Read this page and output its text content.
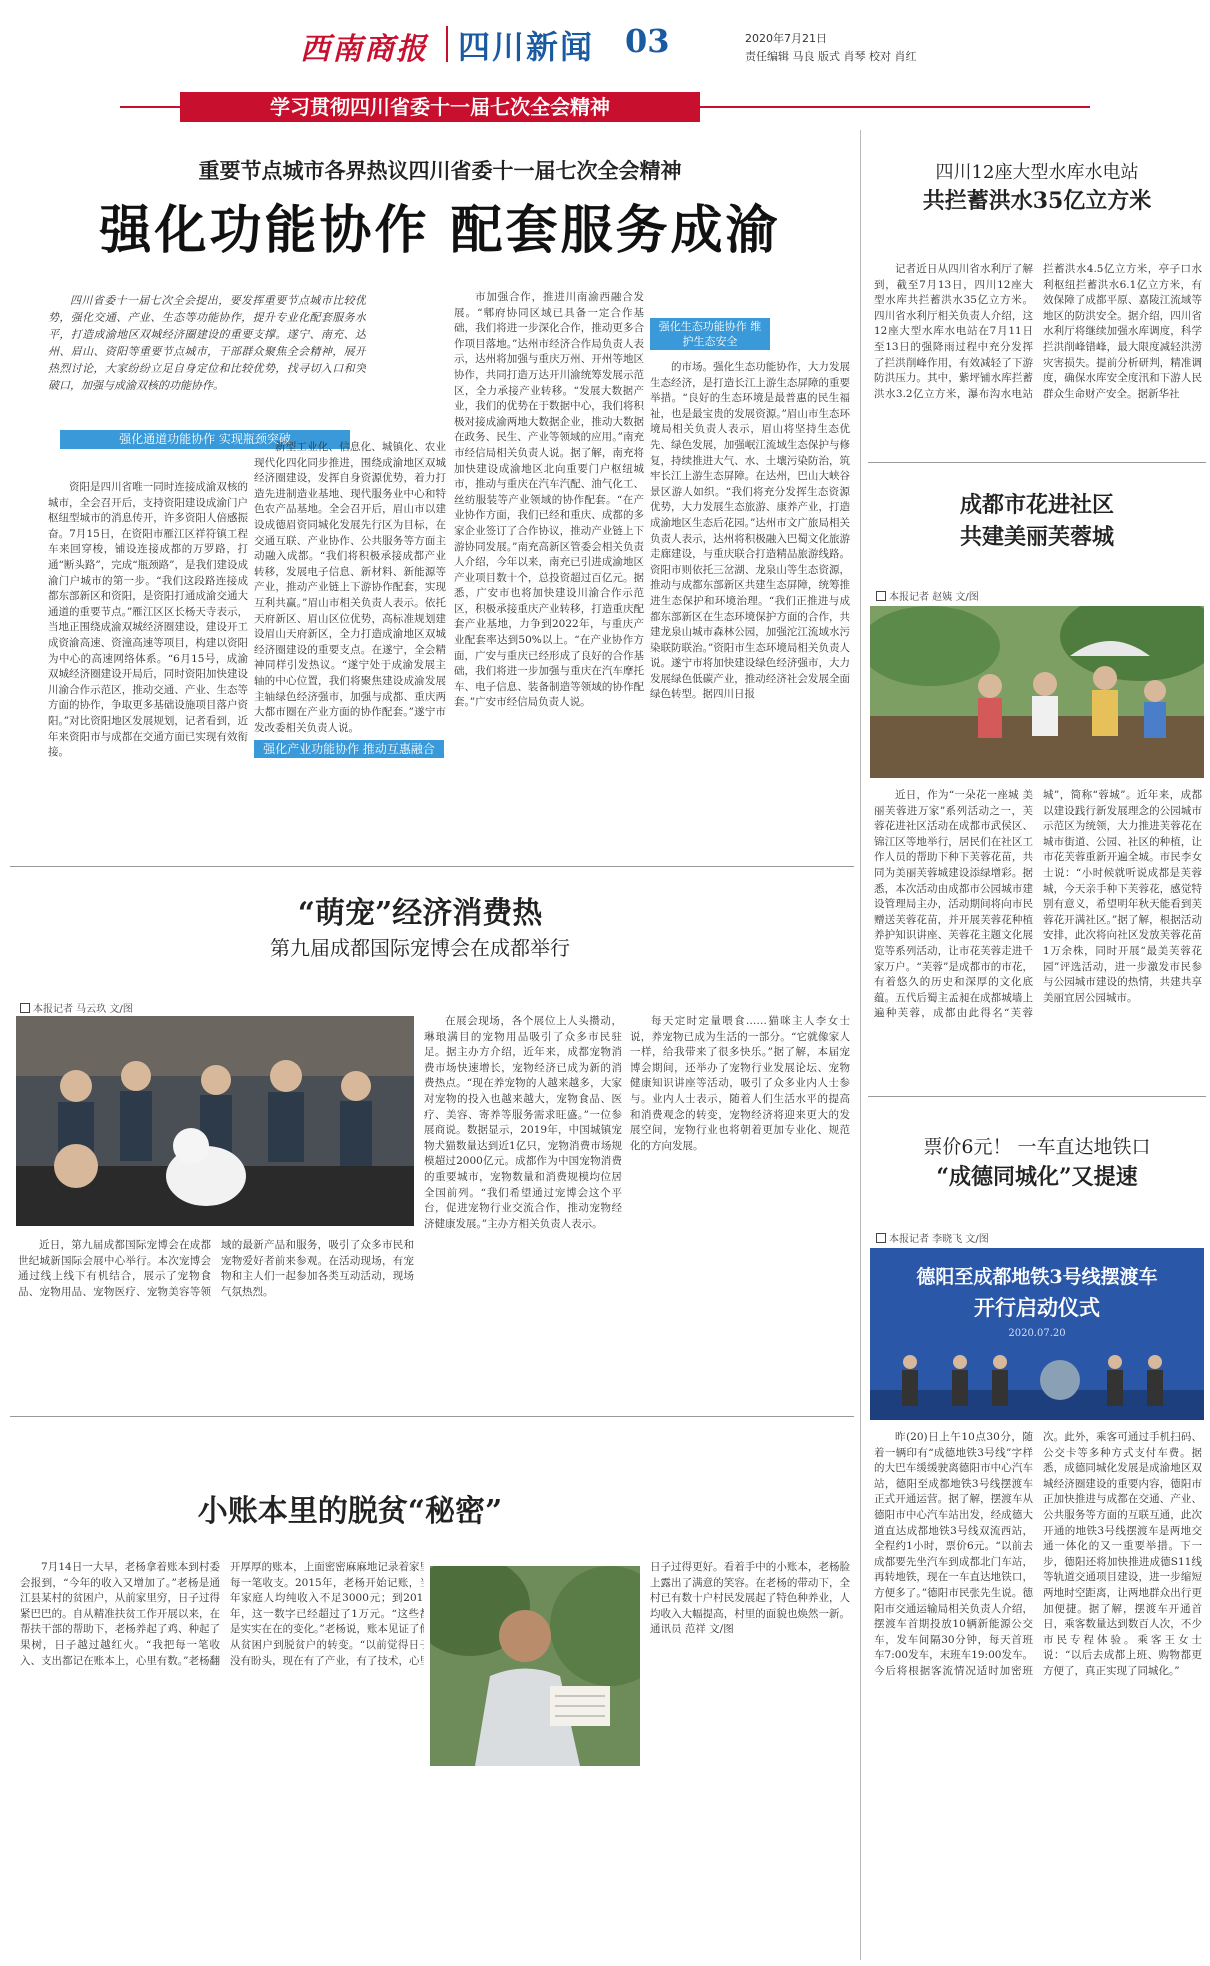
西南商报 四川新闻 03	2020年7月21日
责任编辑 马良 版式 肖琴 校对 肖红
学习贯彻四川省委十一届七次全会精神
重要节点城市各界热议四川省委十一届七次全会精神
强化功能协作 配套服务成渝
四川省委十一届七次全会提出，要发挥重要节点城市比较优势，强化交通、产业、生态等功能协作，提升专业化配套服务水平，打造成渝地区双城经济圈建设的重要支撑。遂宁、南充、达州、眉山、资阳等重要节点城市，干部群众聚焦全会精神，展开热烈讨论，大家纷纷立足自身定位和比较优势，找寻切入口和突破口，加强与成渝双核的功能协作。
强化通道功能协作 实现瓶颈突破
资阳是四川省唯一同时连接成渝双核的城市，全会召开后，支持资阳建设成渝门户枢纽型城市的消息传开，许多资阳人倍感振奋。7月15日，在资阳市雁江区祥符镇工程车来回穿梭，铺设连接成都的万罗路，打通“断头路”，完成“瓶颈路”，是我们建设成渝门户城市的第一步。“我们这段路连接成都东部新区和资阳，是资阳打通成渝交通大通道的重要节点。”雁江区区长杨天寺表示，当地正围绕成渝双城经济圈建设，建设开工成资渝高速、资潼高速等项目，构建以资阳为中心的高速网络体系。“6月15号，成渝双城经济圈建设开局后，同时资阳加快建设川渝合作示范区，推动交通、产业、生态等方面的协作，争取更多基础设施项目落户资阳。”对比资阳地区发展规划，记者看到，近年来资阳市与成都在交通方面已实现有效衔接。
新型工业化、信息化、城镇化、农业现代化四化同步推进，围绕成渝地区双城经济圈建设，发挥自身资源优势，着力打造先进制造业基地、现代服务业中心和特色农产品基地。全会召开后，眉山市以建设成德眉资同城化发展先行区为目标，在交通互联、产业协作、公共服务等方面主动融入成都。“我们将积极承接成都产业转移，发展电子信息、新材料、新能源等产业，推动产业链上下游协作配套，实现互利共赢。”眉山市相关负责人表示。依托天府新区、眉山区位优势，高标准规划建设眉山天府新区，全力打造成渝地区双城经济圈建设的重要支点。在遂宁，全会精神同样引发热议。“遂宁处于成渝发展主轴的中心位置，我们将聚焦建设成渝发展主轴绿色经济强市，加强与成都、重庆两大都市圈在产业方面的协作配套。”遂宁市发改委相关负责人说。
强化产业功能协作 推动互惠融合
市加强合作，推进川南渝西融合发展。“郫府协同区域已具备一定合作基础，我们将进一步深化合作，推动更多合作项目落地。”达州市经济合作局负责人表示，达州将加强与重庆万州、开州等地区协作，共同打造万达开川渝统筹发展示范区，全力承接产业转移。“发展大数据产业，我们的优势在于数据中心，我们将积极对接成渝两地大数据企业，推动大数据在政务、民生、产业等领域的应用。”南充市经信局相关负责人说。据了解，南充将加快建设成渝地区北向重要门户枢纽城市，推动与重庆在汽车汽配、油气化工、丝纺服装等产业领域的协作配套。“在产业协作方面，我们已经和重庆、成都的多家企业签订了合作协议，推动产业链上下游协同发展。”南充高新区管委会相关负责人介绍，今年以来，南充已引进成渝地区产业项目数十个，总投资超过百亿元。据悉，广安市也将加快建设川渝合作示范区，积极承接重庆产业转移，打造重庆配套产业基地，力争到2022年，与重庆产业配套率达到50%以上。“在产业协作方面，广安与重庆已经形成了良好的合作基础，我们将进一步加强与重庆在汽车摩托车、电子信息、装备制造等领域的协作配套。”广安市经信局负责人说。
强化生态功能协作 维护生态安全
的市场。强化生态功能协作，大力发展生态经济，是打造长江上游生态屏障的重要举措。“良好的生态环境是最普惠的民生福祉，也是最宝贵的发展资源。”眉山市生态环境局相关负责人表示，眉山将坚持生态优先、绿色发展，加强岷江流域生态保护与修复，持续推进大气、水、土壤污染防治，筑牢长江上游生态屏障。在达州，巴山大峡谷景区游人如织。“我们将充分发挥生态资源优势，大力发展生态旅游、康养产业，打造成渝地区生态后花园。”达州市文广旅局相关负责人表示，达州将积极融入巴蜀文化旅游走廊建设，与重庆联合打造精品旅游线路。资阳市则依托三岔湖、龙泉山等生态资源，推动与成都东部新区共建生态屏障，统筹推进生态保护和环境治理。“我们正推进与成都东部新区在生态环境保护方面的合作，共建龙泉山城市森林公园，加强沱江流域水污染联防联治。”资阳市生态环境局相关负责人说。遂宁市将加快建设绿色经济强市，大力发展绿色低碳产业，推动经济社会发展全面绿色转型。据四川日报
四川12座大型水库水电站
共拦蓄洪水35亿立方米
记者近日从四川省水利厅了解到，截至7月13日，四川12座大型水库共拦蓄洪水35亿立方米。四川省水利厅相关负责人介绍，这12座大型水库水电站在7月11日至13日的强降雨过程中充分发挥了拦洪削峰作用，有效减轻了下游防洪压力。其中，紫坪铺水库拦蓄洪水3.2亿立方米，瀑布沟水电站拦蓄洪水4.5亿立方米，亭子口水利枢纽拦蓄洪水6.1亿立方米，有效保障了成都平原、嘉陵江流域等地区的防洪安全。据介绍，四川省水利厅将继续加强水库调度，科学拦洪削峰错峰，最大限度减轻洪涝灾害损失。提前分析研判，精准调度，确保水库安全度汛和下游人民群众生命财产安全。据新华社
成都市花进社区
共建美丽芙蓉城
本报记者 赵姨 文/图
近日，作为“一朵花一座城 美丽芙蓉进万家”系列活动之一，芙蓉花进社区活动在成都市武侯区、锦江区等地举行，居民们在社区工作人员的帮助下种下芙蓉花苗，共同为美丽芙蓉城建设添绿增彩。据悉，本次活动由成都市公园城市建设管理局主办，活动期间将向市民赠送芙蓉花苗，并开展芙蓉花种植养护知识讲座、芙蓉花主题文化展览等系列活动，让市花芙蓉走进千家万户。“芙蓉”是成都市的市花，有着悠久的历史和深厚的文化底蕴。五代后蜀主孟昶在成都城墙上遍种芙蓉，成都由此得名“芙蓉城”，简称“蓉城”。近年来，成都以建设践行新发展理念的公园城市示范区为统领，大力推进芙蓉花在城市街道、公园、社区的种植，让市花芙蓉重新开遍全城。市民李女士说：“小时候就听说成都是芙蓉城，今天亲手种下芙蓉花，感觉特别有意义，希望明年秋天能看到芙蓉花开满社区。”据了解，根据活动安排，此次将向社区发放芙蓉花苗1万余株，同时开展“最美芙蓉花园”评选活动，进一步激发市民参与公园城市建设的热情，共建共享美丽宜居公园城市。
票价6元！ 一车直达地铁口
“成德同城化”又提速
本报记者 李晓飞 文/图
德阳至成都地铁3号线摆渡车
开行启动仪式
2020.07.20
昨(20)日上午10点30分，随着一辆印有“成德地铁3号线”字样的大巴车缓缓驶离德阳市中心汽车站，德阳至成都地铁3号线摆渡车正式开通运营。据了解，摆渡车从德阳市中心汽车站出发，经成德大道直达成都地铁3号线双流西站，全程约1小时，票价6元。“以前去成都要先坐汽车到成都北门车站，再转地铁，现在一车直达地铁口，方便多了。”德阳市民张先生说。德阳市交通运输局相关负责人介绍，摆渡车首期投放10辆新能源公交车，发车间隔30分钟，每天首班车7:00发车，末班车19:00发车。今后将根据客流情况适时加密班次。此外，乘客可通过手机扫码、公交卡等多种方式支付车费。据悉，成德同城化发展是成渝地区双城经济圈建设的重要内容，德阳市正加快推进与成都在交通、产业、公共服务等方面的互联互通，此次开通的地铁3号线摆渡车是两地交通一体化的又一重要举措。下一步，德阳还将加快推进成德S11线等轨道交通项目建设，进一步缩短两地时空距离，让两地群众出行更加便捷。据了解，摆渡车开通首日，乘客数量达到数百人次，不少市民专程体验。乘客王女士说：“以后去成都上班、购物都更方便了，真正实现了同城化。”
“萌宠”经济消费热
第九届成都国际宠博会在成都举行
本报记者 马云玖 文/图
近日，第九届成都国际宠博会在成都世纪城新国际会展中心举行。本次宠博会通过线上线下有机结合，展示了宠物食品、宠物用品、宠物医疗、宠物美容等领域的最新产品和服务，吸引了众多市民和宠物爱好者前来参观。在活动现场，有宠物和主人们一起参加各类互动活动，现场气氛热烈。
在展会现场，各个展位上人头攒动，琳琅满目的宠物用品吸引了众多市民驻足。据主办方介绍，近年来，成都宠物消费市场快速增长，宠物经济已成为新的消费热点。“现在养宠物的人越来越多，大家对宠物的投入也越来越大，宠物食品、医疗、美容、寄养等服务需求旺盛。”一位参展商说。数据显示，2019年，中国城镇宠物犬猫数量达到近1亿只，宠物消费市场规模超过2000亿元。成都作为中国宠物消费的重要城市，宠物数量和消费规模均位居全国前列。“我们希望通过宠博会这个平台，促进宠物行业交流合作，推动宠物经济健康发展。”主办方相关负责人表示。
每天定时定量喂食……猫咪主人李女士说，养宠物已成为生活的一部分。“它就像家人一样，给我带来了很多快乐。”据了解，本届宠博会期间，还举办了宠物行业发展论坛、宠物健康知识讲座等活动，吸引了众多业内人士参与。业内人士表示，随着人们生活水平的提高和消费观念的转变，宠物经济将迎来更大的发展空间，宠物行业也将朝着更加专业化、规范化的方向发展。
小账本里的脱贫“秘密”
7月14日一大早，老杨拿着账本到村委会报到，“今年的收入又增加了。”老杨是通江县某村的贫困户，从前家里穷，日子过得紧巴巴的。自从精准扶贫工作开展以来，在帮扶干部的帮助下，老杨养起了鸡、种起了果树，日子越过越红火。“我把每一笔收入、支出都记在账本上，心里有数。”老杨翻开厚厚的账本，上面密密麻麻地记录着家里每一笔收支。2015年，老杨开始记账，当年家庭人均纯收入不足3000元；到2019年，这一数字已经超过了1万元。“这些都是实实在在的变化。”老杨说，账本见证了他从贫困户到脱贫户的转变。“以前觉得日子没有盼头，现在有了产业，有了技术，心里 日子过得更好。看着手中的小账本，老杨脸上露出了满意的笑容。在老杨的带动下，全村已有数十户村民发展起了特色种养业，人均收入大幅提高，村里的面貌也焕然一新。通讯员 范祥 文/图
